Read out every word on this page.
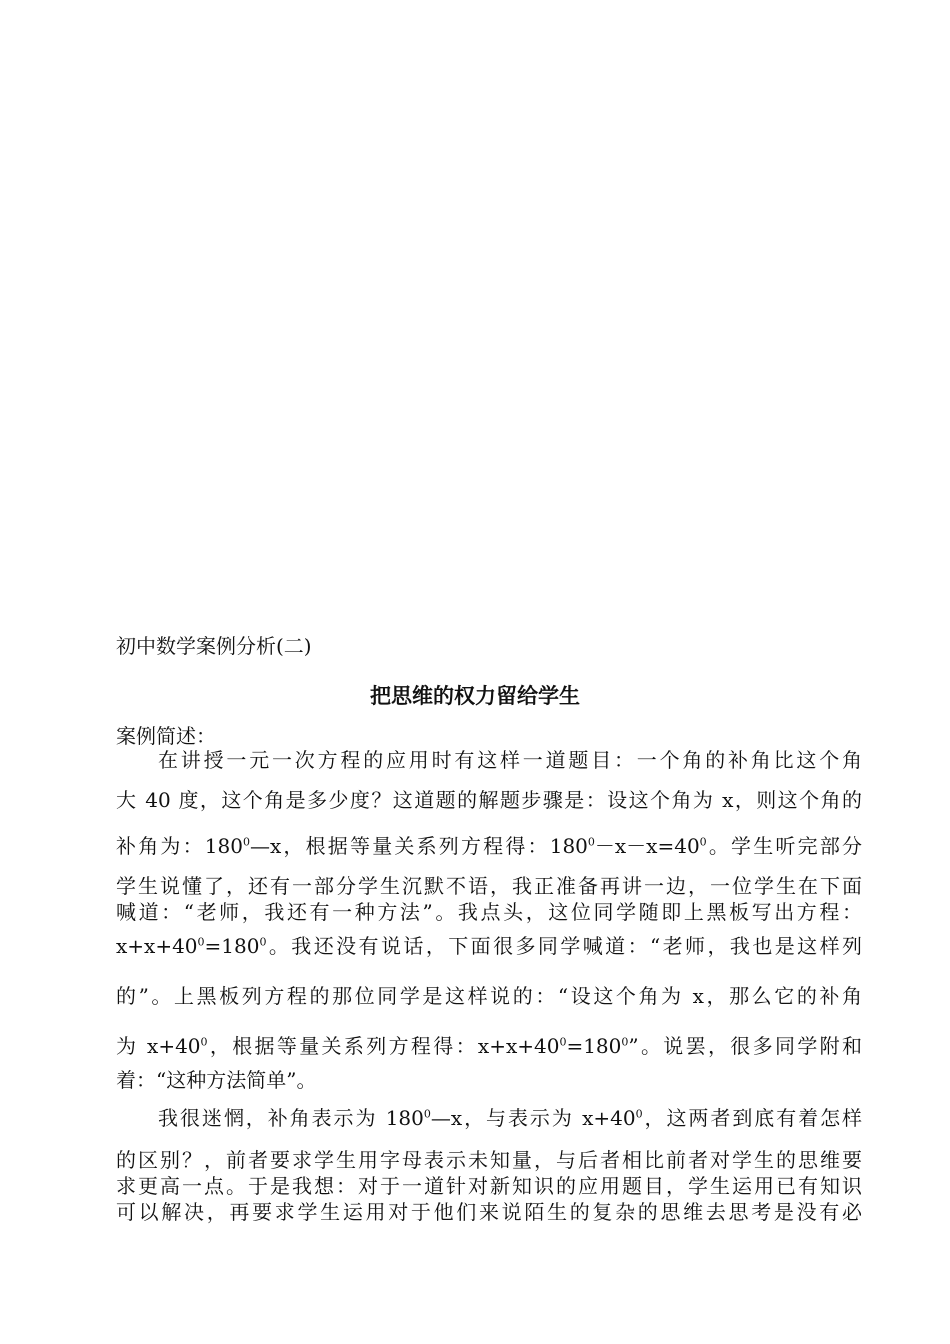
初中数学案例分析(二)

把思维的权力留给学生

案例简述：

在讲授一元一次方程的应用时有这样一道题目：一个角的补角比这个角

大 40 度，这个角是多少度？这道题的解题步骤是：设这个角为 x，则这个角的

补角为：$180^0—x$，根据等量关系列方程得：$180^0-x-x=40^0$。学生听完部分

学生说懂了，还有一部分学生沉默不语，我正准备再讲一边，一位学生在下面

喊道：“老师，我还有一种方法”。我点头，这位同学随即上黑板写出方程：

$x+x+40^0=180^0$。我还没有说话，下面很多同学喊道：“老师，我也是这样列

的”。上黑板列方程的那位同学是这样说的：“设这个角为 x，那么它的补角

为 $x+40^0$，根据等量关系列方程得：$x+x+40^0=180^0$”。说罢，很多同学附和

着：“这种方法简单”。

我很迷惘，补角表示为 $180^0—x$，与表示为 $x+40^0$，这两者到底有着怎样

的区别？，前者要求学生用字母表示未知量，与后者相比前者对学生的思维要

求更高一点。于是我想：对于一道针对新知识的应用题目，学生运用已有知识

可以解决，再要求学生运用对于他们来说陌生的复杂的思维去思考是没有必
